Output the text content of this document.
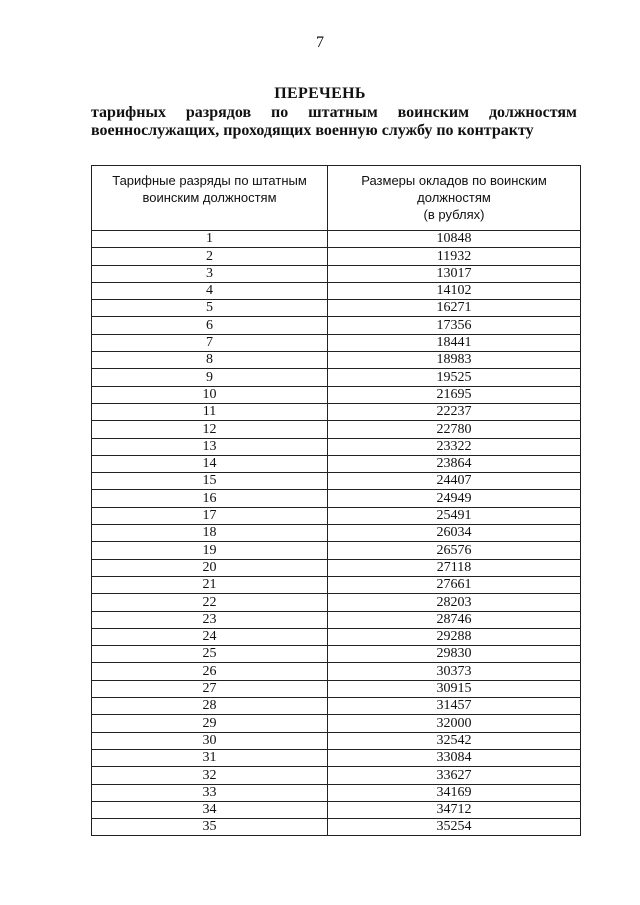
7
ПЕРЕЧЕНЬ
тарифных разрядов по штатным воинским должностям
военнослужащих, проходящих военную службу по контракту
Тарифные разряды по штатным
воинским должностям	Размеры окладов по воинским
должностям
(в рублях)

1	10848
2	11932
3	13017
4	14102
5	16271
6	17356
7	18441
8	18983
9	19525
10	21695
11	22237
12	22780
13	23322
14	23864
15	24407
16	24949
17	25491
18	26034
19	26576
20	27118
21	27661
22	28203
23	28746
24	29288
25	29830
26	30373
27	30915
28	31457
29	32000
30	32542
31	33084
32	33627
33	34169
34	34712
35	35254
